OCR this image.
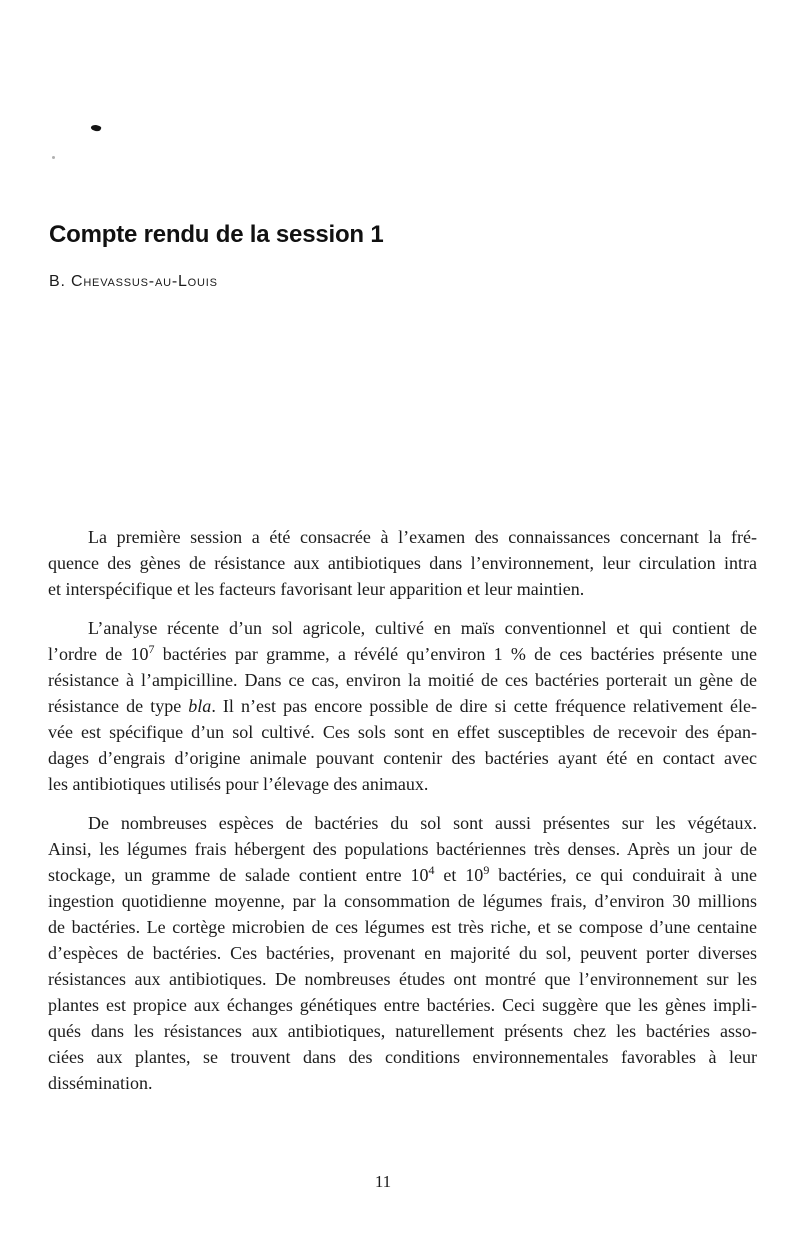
Compte rendu de la session 1
B. Chevassus-au-Louis
La première session a été consacrée à l’examen des connaissances concernant la fré-
quence des gènes de résistance aux antibiotiques dans l’environnement, leur circulation intra
et interspécifique et les facteurs favorisant leur apparition et leur maintien.
L’analyse récente d’un sol agricole, cultivé en maïs conventionnel et qui contient de
l’ordre de $10^7$ bactéries par gramme, a révélé qu’environ 1 % de ces bactéries présente une
résistance à l’ampicilline. Dans ce cas, environ la moitié de ces bactéries porterait un gène de
résistance de type bla. Il n’est pas encore possible de dire si cette fréquence relativement éle-
vée est spécifique d’un sol cultivé. Ces sols sont en effet susceptibles de recevoir des épan-
dages d’engrais d’origine animale pouvant contenir des bactéries ayant été en contact avec
les antibiotiques utilisés pour l’élevage des animaux.
De nombreuses espèces de bactéries du sol sont aussi présentes sur les végétaux.
Ainsi, les légumes frais hébergent des populations bactériennes très denses. Après un jour de
stockage, un gramme de salade contient entre $10^4$ et $10^9$ bactéries, ce qui conduirait à une
ingestion quotidienne moyenne, par la consommation de légumes frais, d’environ 30 millions
de bactéries. Le cortège microbien de ces légumes est très riche, et se compose d’une centaine
d’espèces de bactéries. Ces bactéries, provenant en majorité du sol, peuvent porter diverses
résistances aux antibiotiques. De nombreuses études ont montré que l’environnement sur les
plantes est propice aux échanges génétiques entre bactéries. Ceci suggère que les gènes impli-
qués dans les résistances aux antibiotiques, naturellement présents chez les bactéries asso-
ciées aux plantes, se trouvent dans des conditions environnementales favorables à leur
dissémination.
11
